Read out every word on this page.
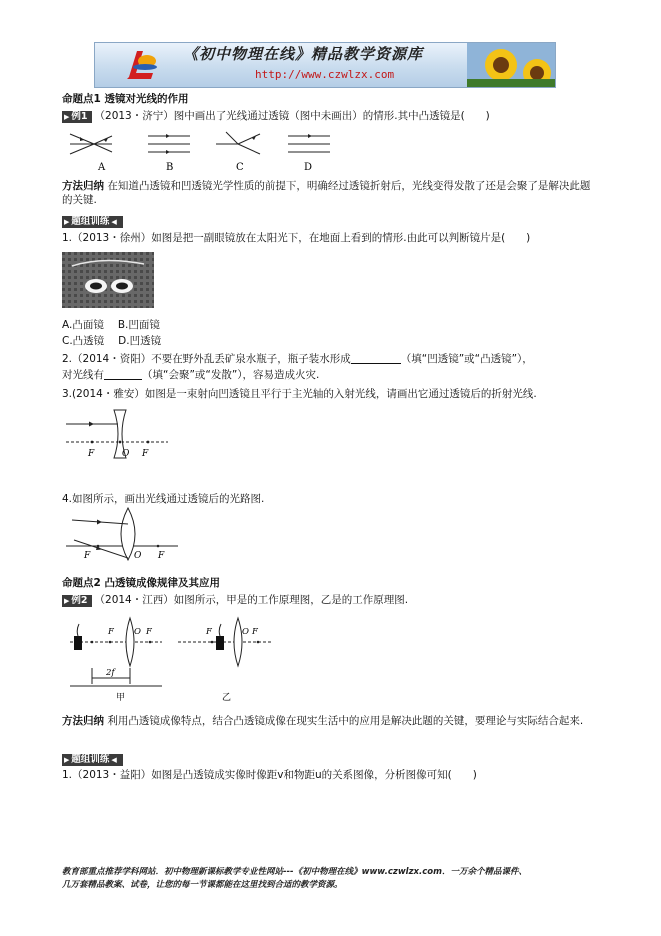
《初中物理在线》精品教学资源库
http://www.czwlzx.com
命题点1 透镜对光线的作用
▶ 例1 （2013・济宁）图中画出了光线通过透镜（图中未画出）的情形.其中凸透镜是(　　)
A	B	C	D
方法归纳 在知道凸透镜和凹透镜光学性质的前提下，明确经过透镜折射后，光线变得发散了还是会聚了是解决此题的关键.
▶ 题组训练 ◀
1.（2013・徐州）如图是把一副眼镜放在太阳光下，在地面上看到的情形.由此可以判断镜片是(　　)
A.凸面镜 B.凹面镜
C.凸透镜 D.凹透镜
2.（2014・资阳）不要在野外乱丢矿泉水瓶子，瓶子装水形成	（填“凹透镜”或“凸透镜”），
对光线有	（填“会聚”或“发散”），容易造成火灾.
3.(2014・雅安）如图是一束射向凹透镜且平行于主光轴的入射光线，请画出它通过透镜后的折射光线.
F	O F
4.如图所示，画出光线通过透镜后的光路图.
F	O F
命题点2 凸透镜成像规律及其应用
▶ 例2 （2014・江西）如图所示，甲是的工作原理图，乙是的工作原理图.
F O F
2f
甲
F	O F
乙
方法归纳 利用凸透镜成像特点，结合凸透镜成像在现实生活中的应用是解决此题的关键，要理论与实际结合起来.
▶ 题组训练 ◀
1.（2013・益阳）如图是凸透镜成实像时像距v和物距u的关系图像，分析图像可知(　　)
教育部重点推荐学科网站．初中物理新课标教学专业性网站---《初中物理在线》www.czwlzx.com．一万余个精品课件、
几万套精品教案、试卷，让您的每一节课都能在这里找到合适的教学资源。
